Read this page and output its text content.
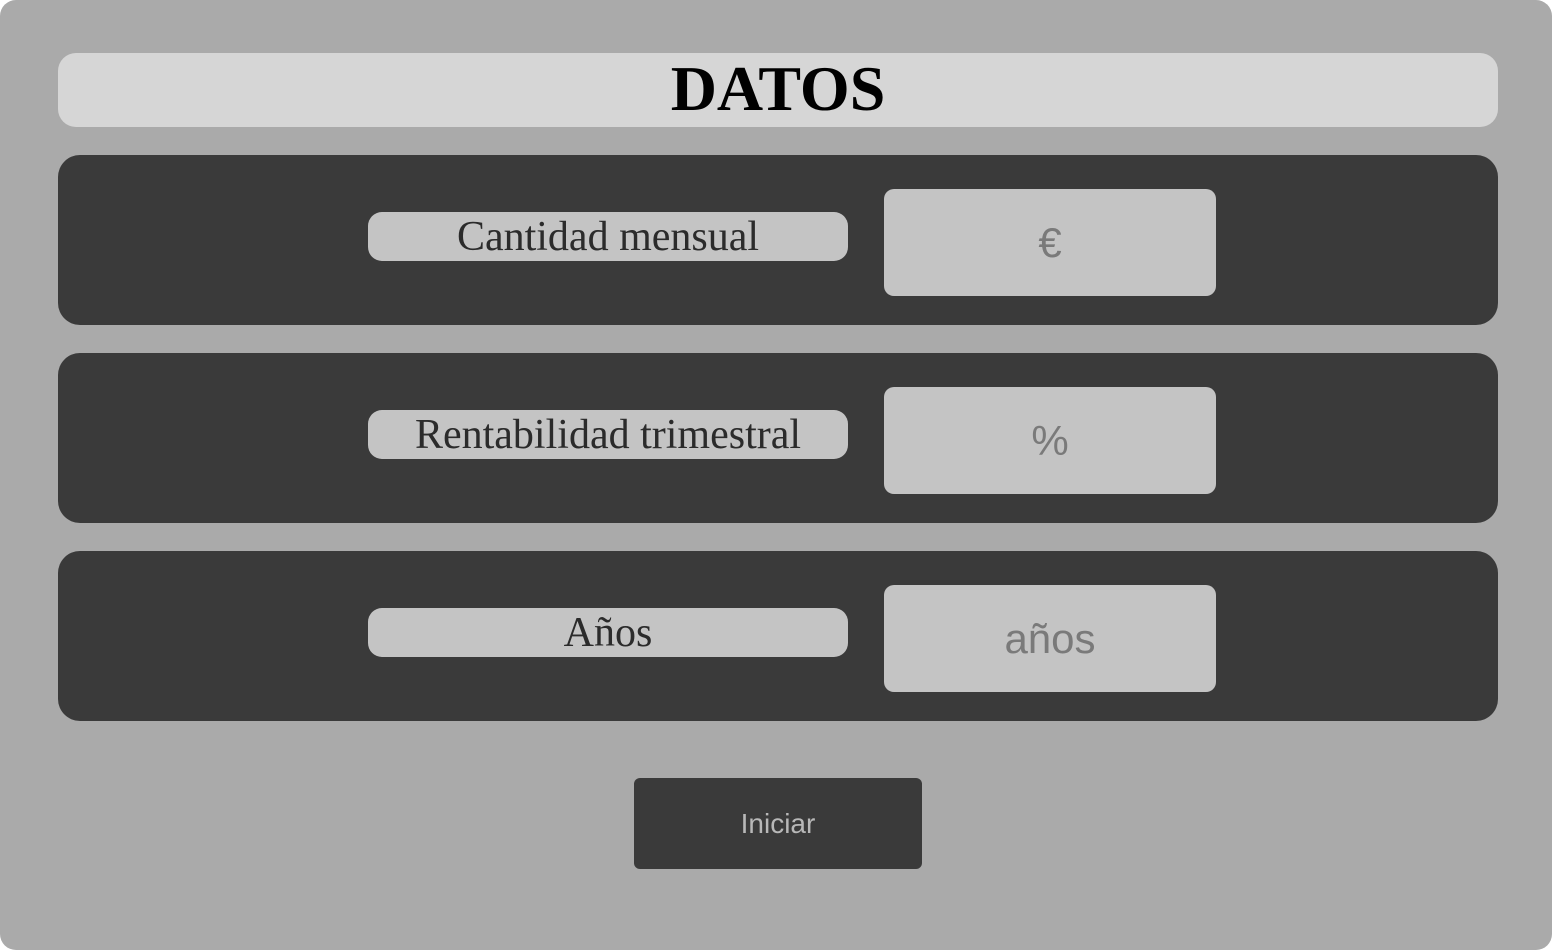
DATOS
Cantidad mensual
€
Rentabilidad trimestral
%
Años
años
Iniciar
